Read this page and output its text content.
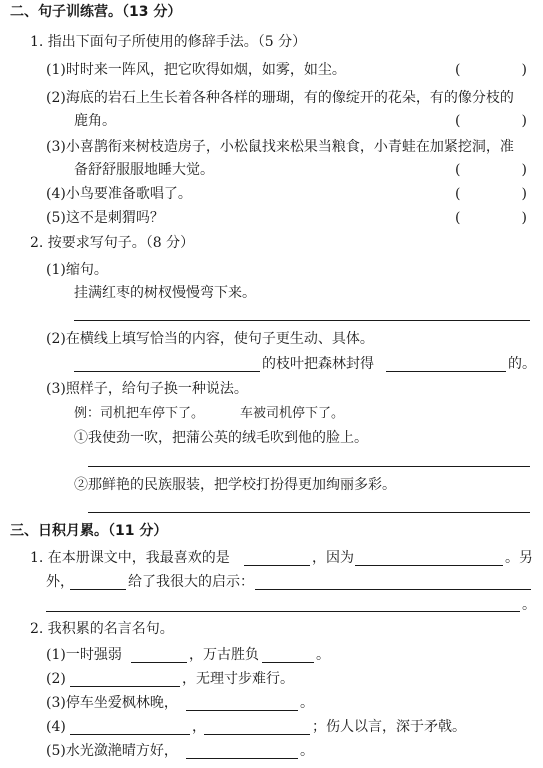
二、句子训练营。（13 分）
1. 指出下面句子所使用的修辞手法。（5 分）
(1)时时来一阵风，把它吹得如烟，如雾，如尘。	(	)
(2)海底的岩石上生长着各种各样的珊瑚，有的像绽开的花朵，有的像分枝的
鹿角。	(	)
(3)小喜鹊衔来树枝造房子，小松鼠找来松果当粮食，小青蛙在加紧挖洞，准
备舒舒服服地睡大觉。	(	)
(4)小鸟要准备歌唱了。	(	)
(5)这不是刺猬吗？	(	)
2. 按要求写句子。（8 分）
(1)缩句。
挂满红枣的树杈慢慢弯下来。
(2)在横线上填写恰当的内容，使句子更生动、具体。
的枝叶把森林封得	的。
(3)照样子，给句子换一种说法。
例：司机把车停下了。	车被司机停下了。
①我使劲一吹，把蒲公英的绒毛吹到他的脸上。
②那鲜艳的民族服装，把学校打扮得更加绚丽多彩。
三、日积月累。（11 分）
1. 在本册课文中，我最喜欢的是	，因为	。另
外，	给了我很大的启示：
。
2. 我积累的名言名句。
(1)一时强弱	，万古胜负	。
(2)	，无理寸步难行。
(3)停车坐爱枫林晚，	。
(4)	，	；伤人以言，深于矛戟。
(5)水光潋滟晴方好，	。
